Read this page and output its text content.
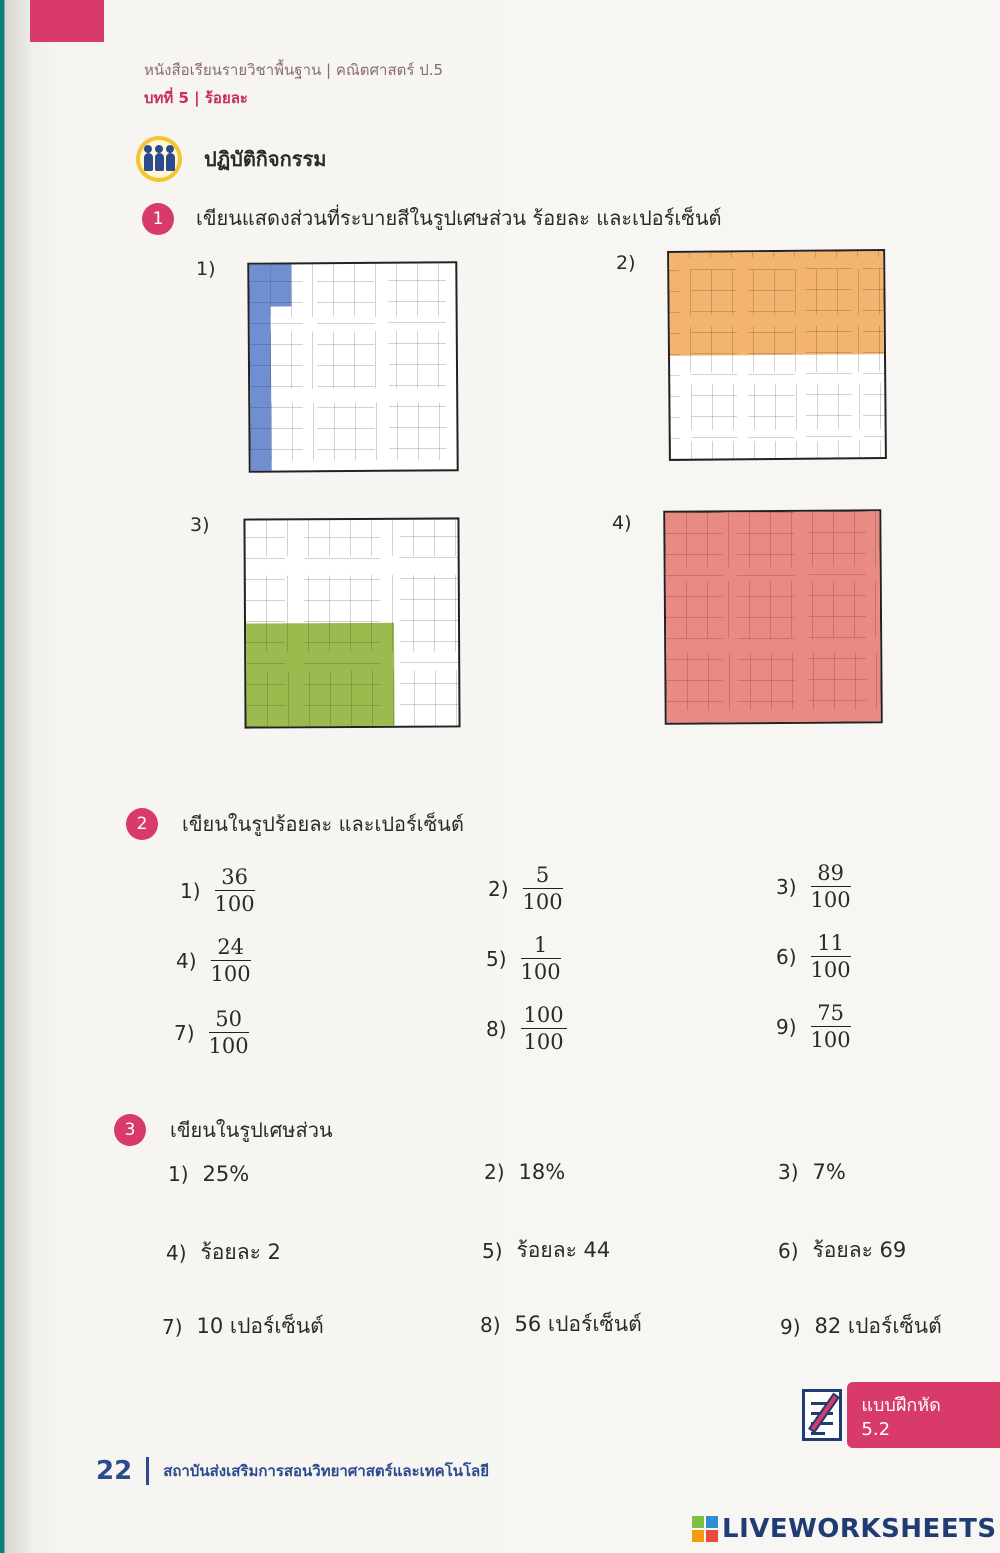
หนังสือเรียนรายวิชาพื้นฐาน | คณิตศาสตร์ ป.5
บทที่ 5 | ร้อยละ
ปฏิบัติกิจกรรม
1	เขียนแสดงส่วนที่ระบายสีในรูปเศษส่วน ร้อยละ และเปอร์เซ็นต์
1)	2)
3)	4)
2	เขียนในรูปร้อยละ และเปอร์เซ็นต์
$1) \frac{36}{100}$	$2) \frac{5}{100}$	$3) \frac{89}{100}$
$4) \frac{24}{100}$	$5) \frac{1}{100}$	$6) \frac{11}{100}$
$7) \frac{50}{100}$	$8) \frac{100}{100}$	$9) \frac{75}{100}$
3	เขียนในรูปเศษส่วน
1) 25%	2) 18%	3) 7%
4) ร้อยละ 2	5) ร้อยละ 44	6) ร้อยละ 69
7) 10 เปอร์เซ็นต์	8) 56 เปอร์เซ็นต์	9) 82 เปอร์เซ็นต์
แบบฝึกหัด 5.2
22 สถาบันส่งเสริมการสอนวิทยาศาสตร์และเทคโนโลยี
LIVEWORKSHEETS
